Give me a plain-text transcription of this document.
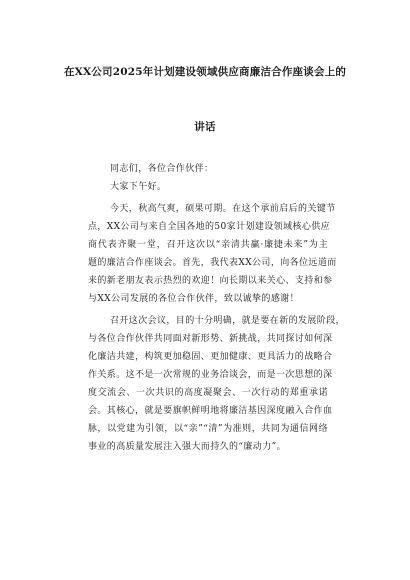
在XX公司2025年计划建设领域供应商廉洁合作座谈会上的
讲话
同志们，各位合作伙伴：
大家下午好。
今天，秋高气爽，硕果可期。在这个承前启后的关键节
点，XX公司与来自全国各地的50家计划建设领域核心供应
商代表齐聚一堂，召开这次以“亲清共赢·廉捷未来”为主
题的廉洁合作座谈会。首先，我代表XX公司，向各位远道而
来的新老朋友表示热烈的欢迎！向长期以来关心、支持和参
与XX公司发展的各位合作伙伴，致以诚挚的感谢！
召开这次会议，目的十分明确，就是要在新的发展阶段，
与各位合作伙伴共同面对新形势、新挑战，共同探讨如何深
化廉洁共建，构筑更加稳固、更加健康、更具活力的战略合
作关系。这不是一次常规的业务洽谈会，而是一次思想的深
度交流会、一次共识的高度凝聚会、一次行动的郑重承诺
会。其核心，就是要旗帜鲜明地将廉洁基因深度融入合作血
脉，以党建为引领，以“亲”“清”为准则，共同为通信网络
事业的高质量发展注入强大而持久的“廉动力”。
